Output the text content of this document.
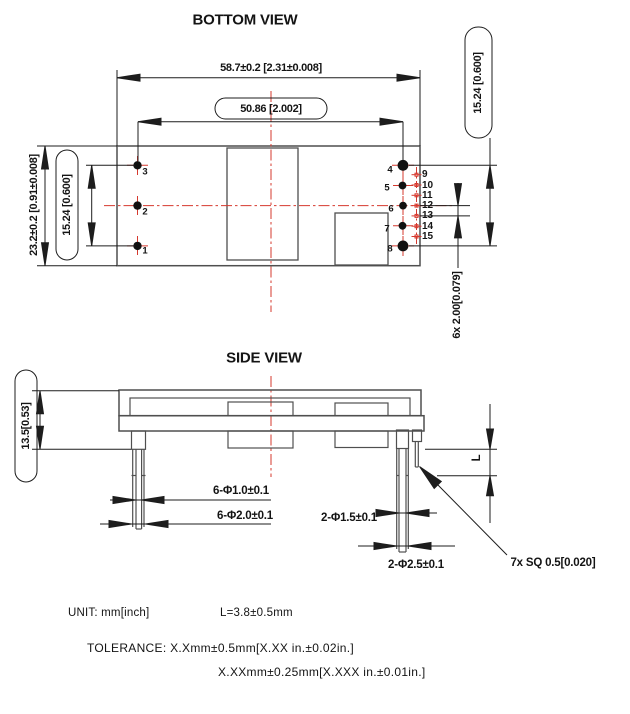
BOTTOM VIEW
SIDE VIEW
58.7±0.2 [2.31±0.008]
50.86 [2.002]
23.2±0.2 [0.91±0.008] 15.24 [0.600]
15.24 [0.600]
6x 2.00[0.079]
3
2
1
4
5
6
7
8
9
10
11
12
13
14
15
13.5[0.53]
6-Φ1.0±0.1
6-Φ2.0±0.1	2-Φ1.5±0.1
2-Φ2.5±0.1	7x SQ 0.5[0.020]
L
UNIT: mm[inch]	L=3.8±0.5mm
TOLERANCE: X.Xmm±0.5mm[X.XX in.±0.02in.]
X.XXmm±0.25mm[X.XXX in.±0.01in.]
